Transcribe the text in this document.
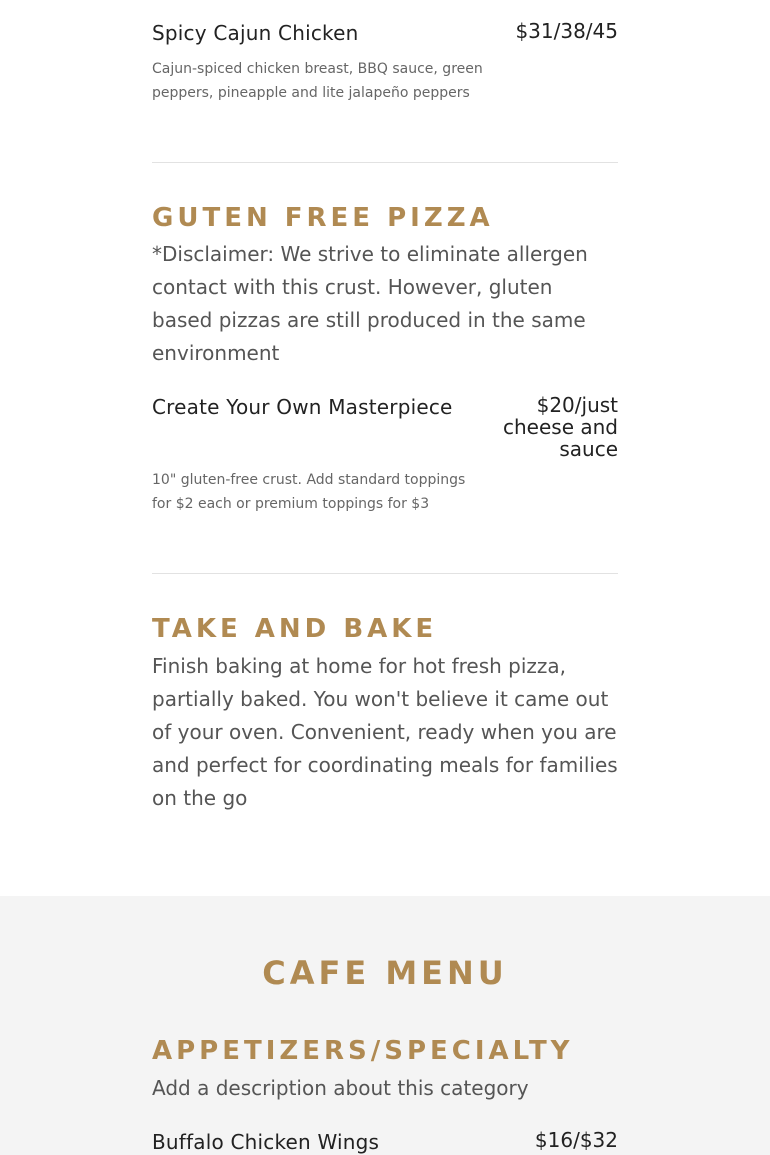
Spicy Cajun Chicken	$31/38/45
Cajun-spiced chicken breast, BBQ sauce, green peppers, pineapple and lite jalapeño peppers
GUTEN FREE PIZZA
*Disclaimer: We strive to eliminate allergen contact with this crust. However, gluten based pizzas are still produced in the same environment
Create Your Own Masterpiece	$20/just cheese and sauce
10" gluten-free crust. Add standard toppings for $2 each or premium toppings for $3
TAKE AND BAKE
Finish baking at home for hot fresh pizza, partially baked. You won't believe it came out of your oven. Convenient, ready when you are and perfect for coordinating meals for families on the go
CAFE MENU
APPETIZERS/SPECIALTY
Add a description about this category
Buffalo Chicken Wings	$16/$32
